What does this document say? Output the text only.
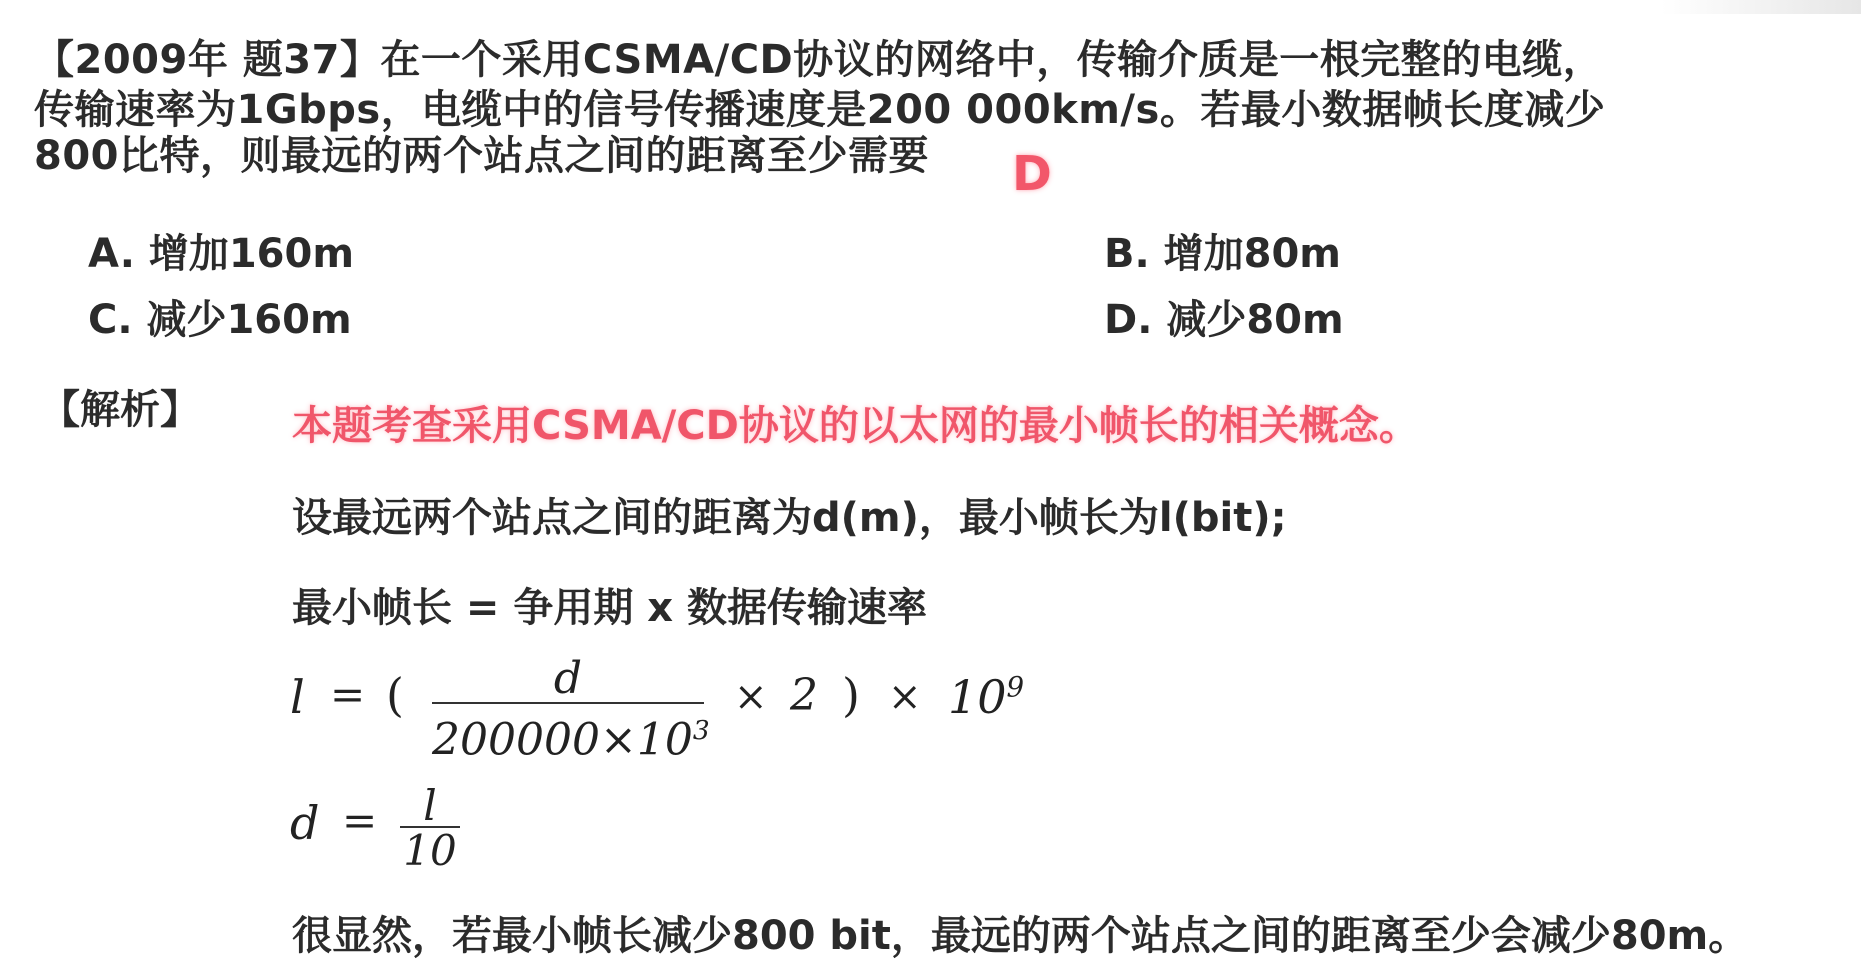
【2009年 题37】在一个采用CSMA/CD协议的网络中，传输介质是一根完整的电缆，
传输速率为1Gbps，电缆中的信号传播速度是200 000km/s。若最小数据帧长度减少
800比特，则最远的两个站点之间的距离至少需要 D
A. 增加160m	B. 增加80m
C. 减少160m	D. 减少80m
【解析】 本题考查采用CSMA/CD协议的以太网的最小帧长的相关概念。
设最远两个站点之间的距离为d(m)，最小帧长为l(bit);
最小帧长 = 争用期 x 数据传输速率
l = (	d
$200000\times 10^3$
× 2 ) × $10^9$
d =	l
10
很显然，若最小帧长减少800 bit，最远的两个站点之间的距离至少会减少80m。
